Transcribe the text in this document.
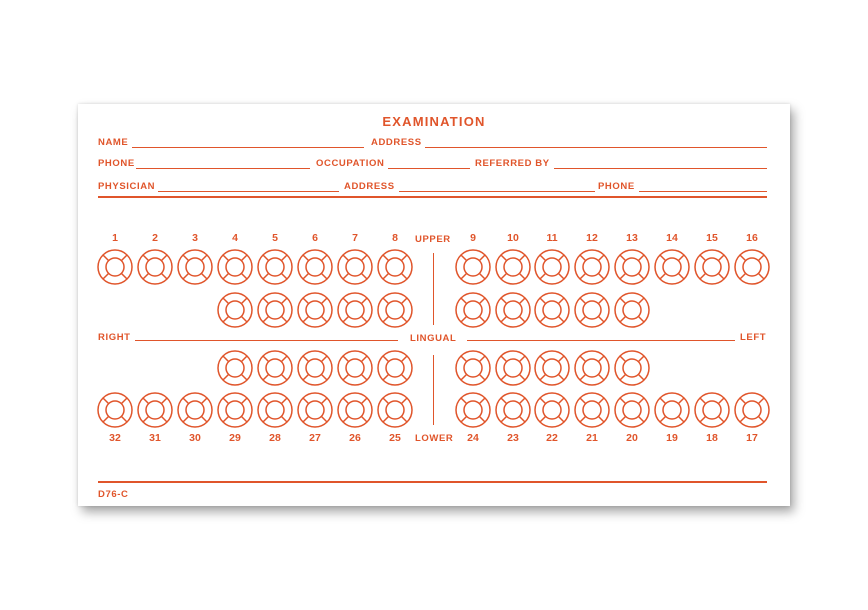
EXAMINATION
NAME	ADDRESS
PHONE	OCCUPATION	REFERRED BY
PHYSICIAN	ADDRESS	PHONE
UPPER
LOWER
RIGHT	LINGUAL	LEFT
D76-C
1
32
2
31
3
30
4
29
5
28
6
27
7
26
8
25
9
24
10
23
11
22
12
21
13
20
14
19
15
18
16
17
